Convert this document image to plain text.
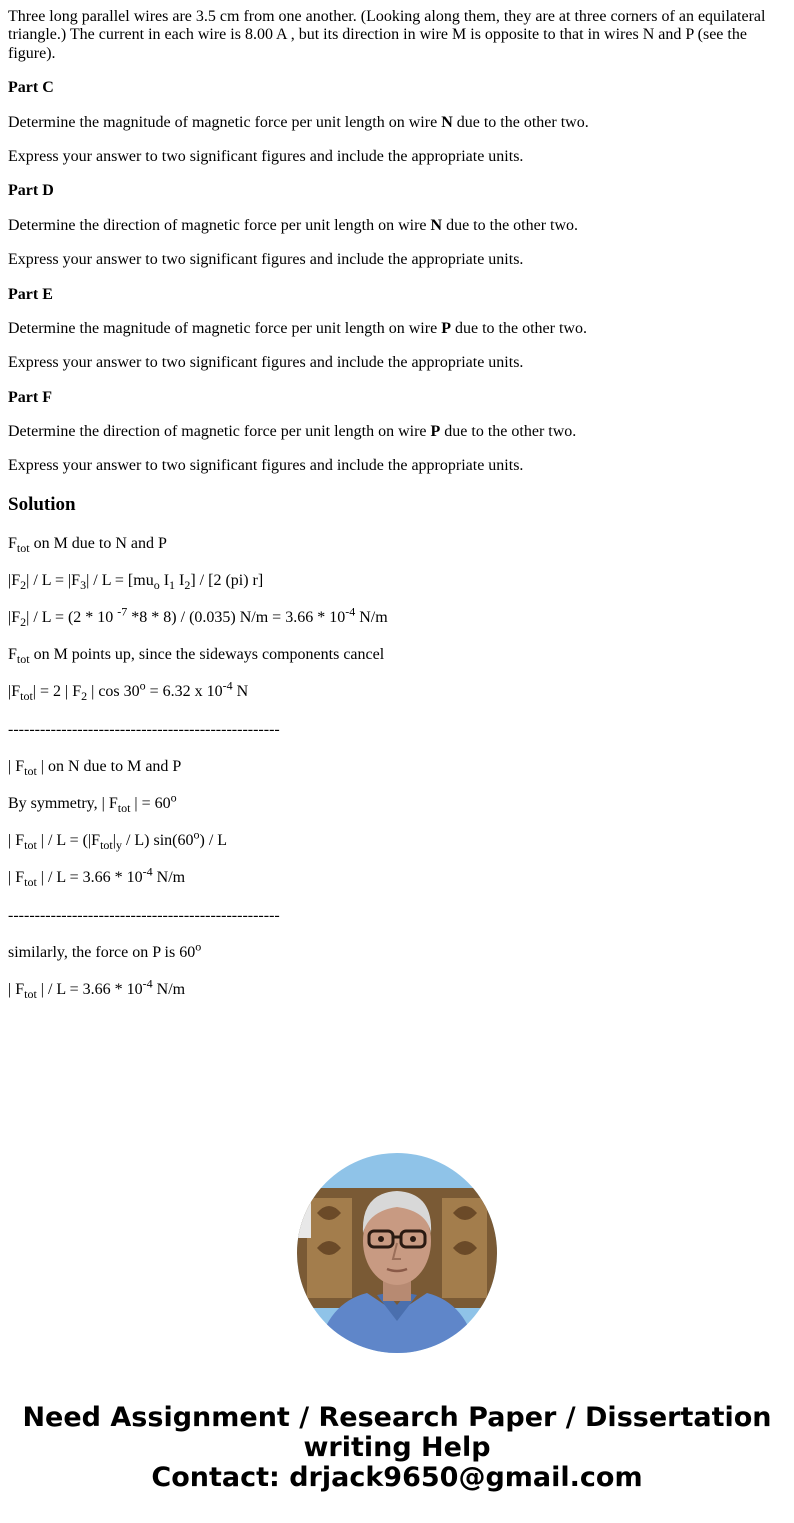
Three long parallel wires are 3.5 cm from one another. (Looking along them, they are at three corners of an equilateral triangle.) The current in each wire is 8.00 A , but its direction in wire M is opposite to that in wires N and P (see the figure).

Part C

Determine the magnitude of magnetic force per unit length on wire N due to the other two.

Express your answer to two significant figures and include the appropriate units.

Part D

Determine the direction of magnetic force per unit length on wire N due to the other two.

Express your answer to two significant figures and include the appropriate units.

Part E

Determine the magnitude of magnetic force per unit length on wire P due to the other two.

Express your answer to two significant figures and include the appropriate units.

Part F

Determine the direction of magnetic force per unit length on wire P due to the other two.

Express your answer to two significant figures and include the appropriate units.

Solution

$F_{tot}$ on M due to N and P

$|F_2| / L = |F_3| / L = [mu_o$ $I_1$ $I_2] / [2$ (pi) r]

$|F_2| / L = (2 * 10$ $^{-7}$ *8 * 8) / (0.035) $N/m = 3.66 * 10^{-4}$ N/m

$F_{tot}$ on M points up, since the sideways components cancel

$|F_{tot}| = 2$ | $F_2$ | $\cos 30^o = 6.32$ x $10^{-4}$ N

---------------------------------------------------

| $F_{tot}$ | on N due to M and P

By symmetry, | $F_{tot}$ | = $60^o$

| $F_{tot}$ | / $L = (|F_{tot}|_y / L)$ sin(60$^o$) / L

| $F_{tot}$ | / $L = 3.66 * 10^{-4}$ N/m

---------------------------------------------------

similarly, the force on P is 60$^o$

| $F_{tot}$ | / $L = 3.66 * 10^{-4}$ N/m

Need Assignment / Research Paper / Dissertation
writing Help
Contact: drjack9650@gmail.com
